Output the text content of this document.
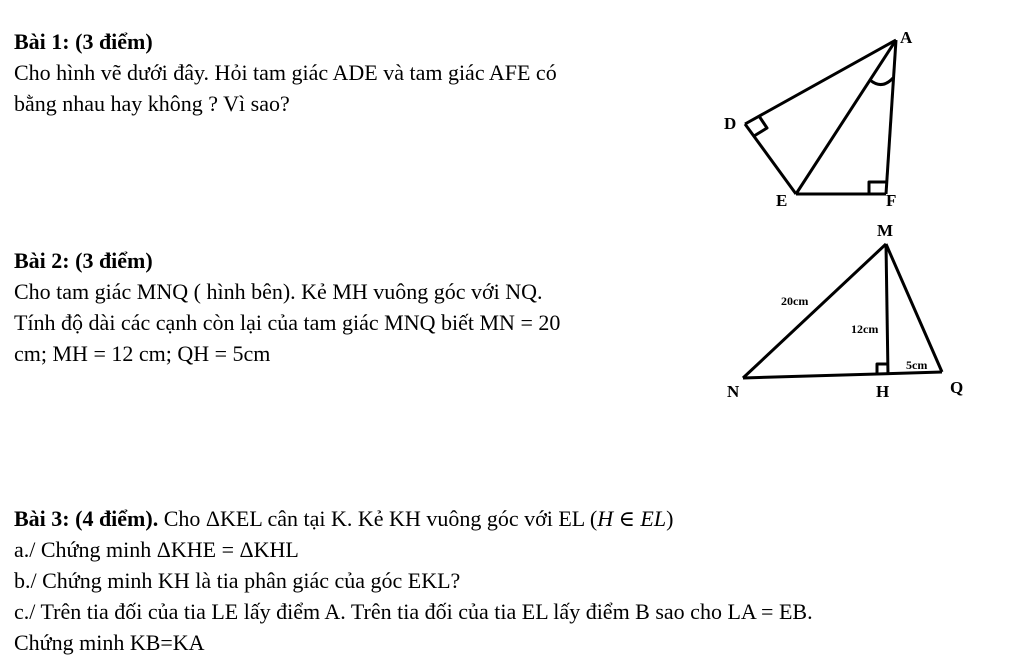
Bài 1: (3 điểm)
Cho hình vẽ dưới đây. Hỏi tam giác ADE và tam giác AFE có
bằng nhau hay không ? Vì sao?
Bài 2: (3 điểm)
Cho tam giác MNQ ( hình bên). Kẻ MH vuông góc với NQ.
Tính độ dài các cạnh còn lại của tam giác MNQ biết MN = 20
cm; MH = 12 cm; QH = 5cm
Bài 3: (4 điểm). Cho ΔKEL cân tại K. Kẻ KH vuông góc với EL (H ∈ EL)
a./ Chứng minh ΔKHE = ΔKHL
b./ Chứng minh KH là tia phân giác của góc EKL?
c./ Trên tia đối của tia LE lấy điểm A. Trên tia đối của tia EL lấy điểm B sao cho LA = EB.
Chứng minh KB=KA
A
D
E	F
M
N	H	Q
20cm
12cm
5cm
